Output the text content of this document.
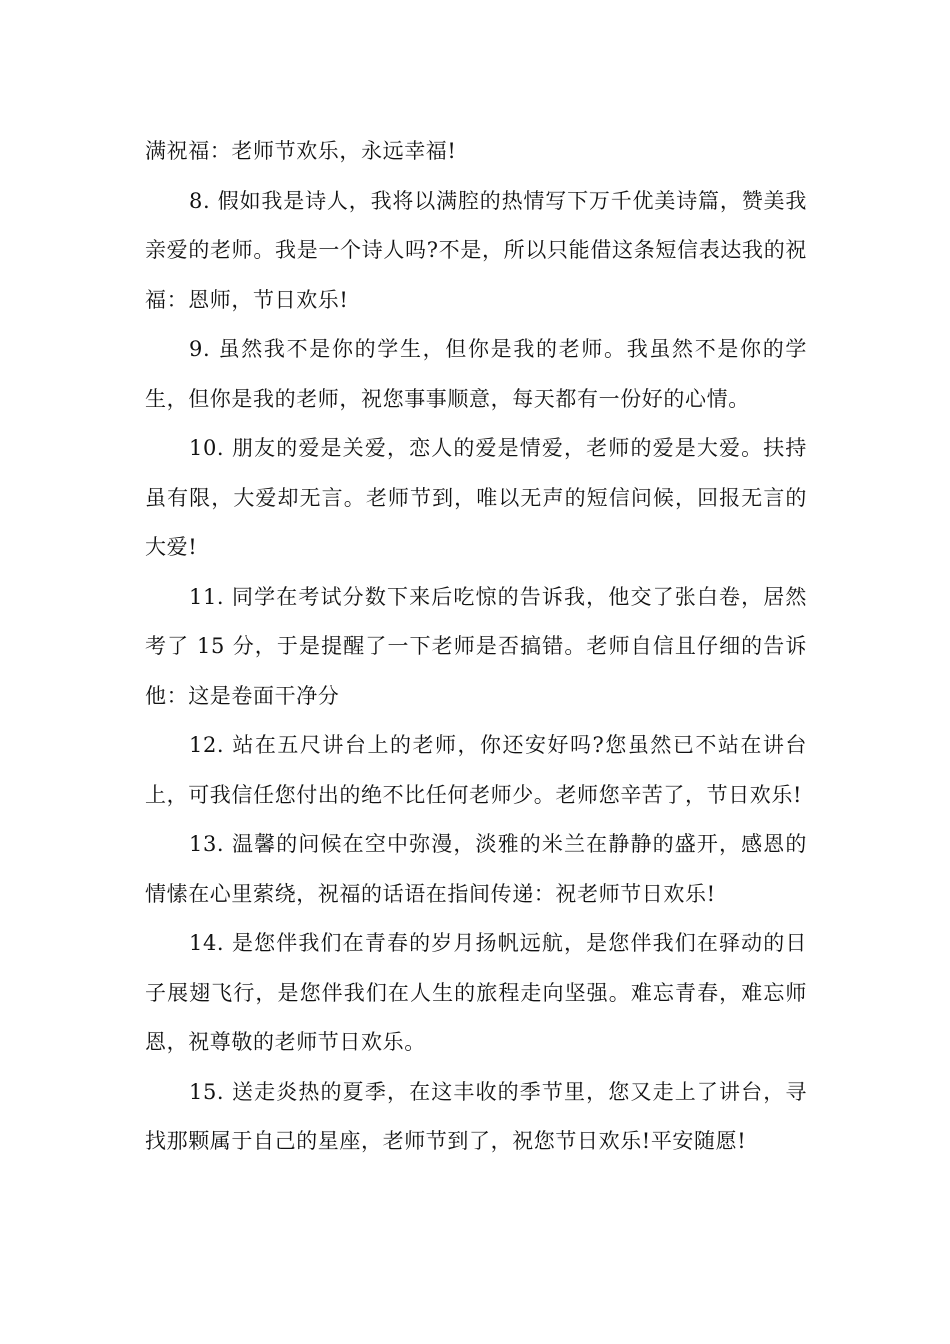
满祝福：老师节欢乐，永远幸福!

8. 假如我是诗人，我将以满腔的热情写下万千优美诗篇，赞美我亲爱的老师。我是一个诗人吗?不是，所以只能借这条短信表达我的祝福：恩师，节日欢乐!

9. 虽然我不是你的学生，但你是我的老师。我虽然不是你的学生，但你是我的老师，祝您事事顺意，每天都有一份好的心情。

10. 朋友的爱是关爱，恋人的爱是情爱，老师的爱是大爱。扶持虽有限，大爱却无言。老师节到，唯以无声的短信问候，回报无言的大爱!

11. 同学在考试分数下来后吃惊的告诉我，他交了张白卷，居然考了 15 分，于是提醒了一下老师是否搞错。老师自信且仔细的告诉他：这是卷面干净分

12. 站在五尺讲台上的老师，你还安好吗?您虽然已不站在讲台上，可我信任您付出的绝不比任何老师少。老师您辛苦了，节日欢乐!

13. 温馨的问候在空中弥漫，淡雅的米兰在静静的盛开，感恩的情愫在心里萦绕，祝福的话语在指间传递：祝老师节日欢乐!

14. 是您伴我们在青春的岁月扬帆远航，是您伴我们在驿动的日子展翅飞行，是您伴我们在人生的旅程走向坚强。难忘青春，难忘师恩，祝尊敬的老师节日欢乐。

15. 送走炎热的夏季，在这丰收的季节里，您又走上了讲台，寻找那颗属于自己的星座，老师节到了，祝您节日欢乐!平安随愿!
